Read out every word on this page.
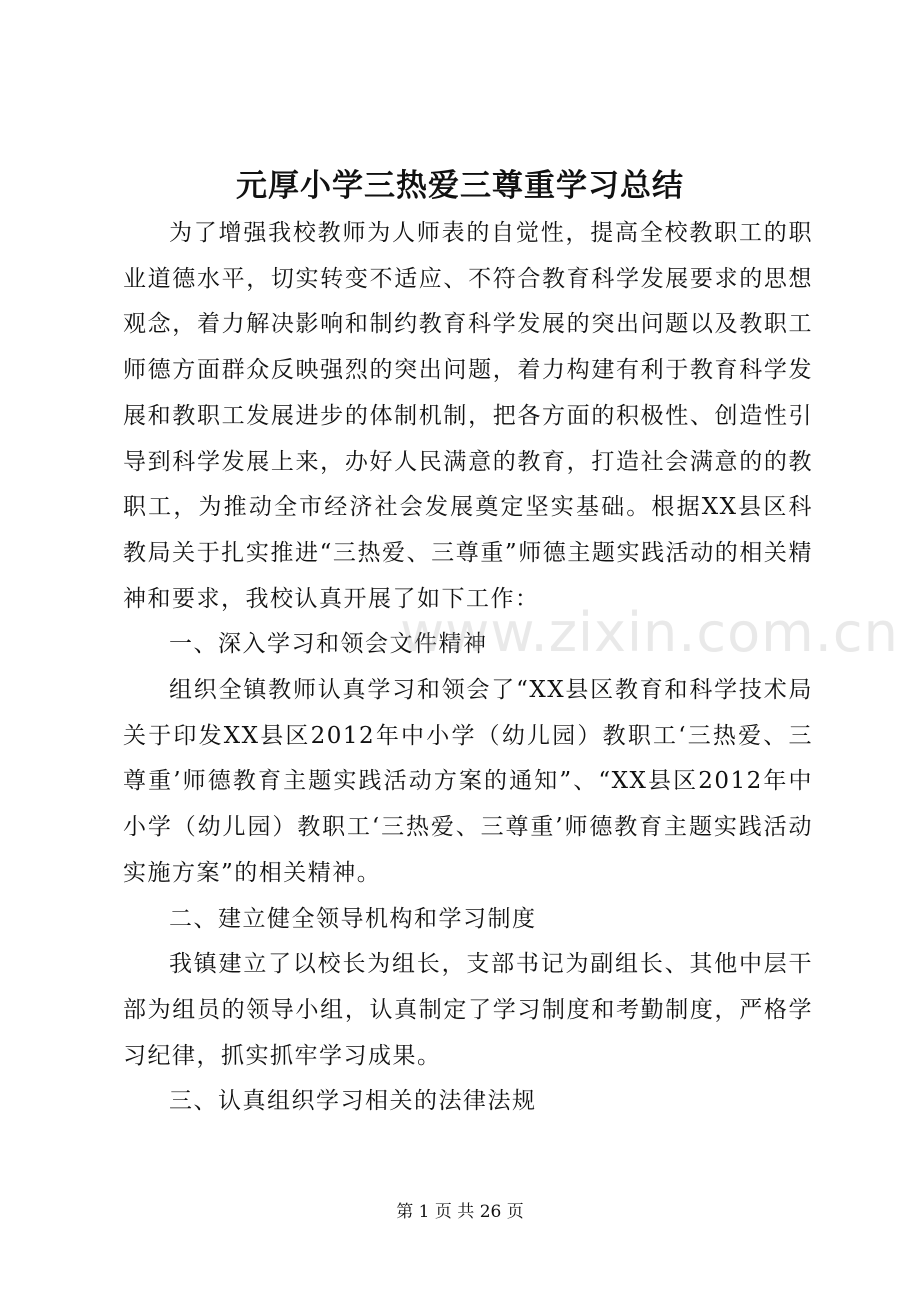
元厚小学三热爱三尊重学习总结

为了增强我校教师为人师表的自觉性，提高全校教职工的职业道德水平，切实转变不适应、不符合教育科学发展要求的思想观念，着力解决影响和制约教育科学发展的突出问题以及教职工师德方面群众反映强烈的突出问题，着力构建有利于教育科学发展和教职工发展进步的体制机制，把各方面的积极性、创造性引导到科学发展上来，办好人民满意的教育，打造社会满意的的教职工，为推动全市经济社会发展奠定坚实基础。根据XX县区科教局关于扎实推进“三热爱、三尊重”师德主题实践活动的相关精神和要求，我校认真开展了如下工作：

一、深入学习和领会文件精神

组织全镇教师认真学习和领会了“XX县区教育和科学技术局关于印发XX县区2012年中小学（幼儿园）教职工‘三热爱、三尊重’师德教育主题实践活动方案的通知”、“XX县区2012年中小学（幼儿园）教职工‘三热爱、三尊重’师德教育主题实践活动实施方案”的相关精神。

二、建立健全领导机构和学习制度

我镇建立了以校长为组长，支部书记为副组长、其他中层干部为组员的领导小组，认真制定了学习制度和考勤制度，严格学习纪律，抓实抓牢学习成果。

三、认真组织学习相关的法律法规

www.zixin.com.cn

第 1 页 共 26 页
